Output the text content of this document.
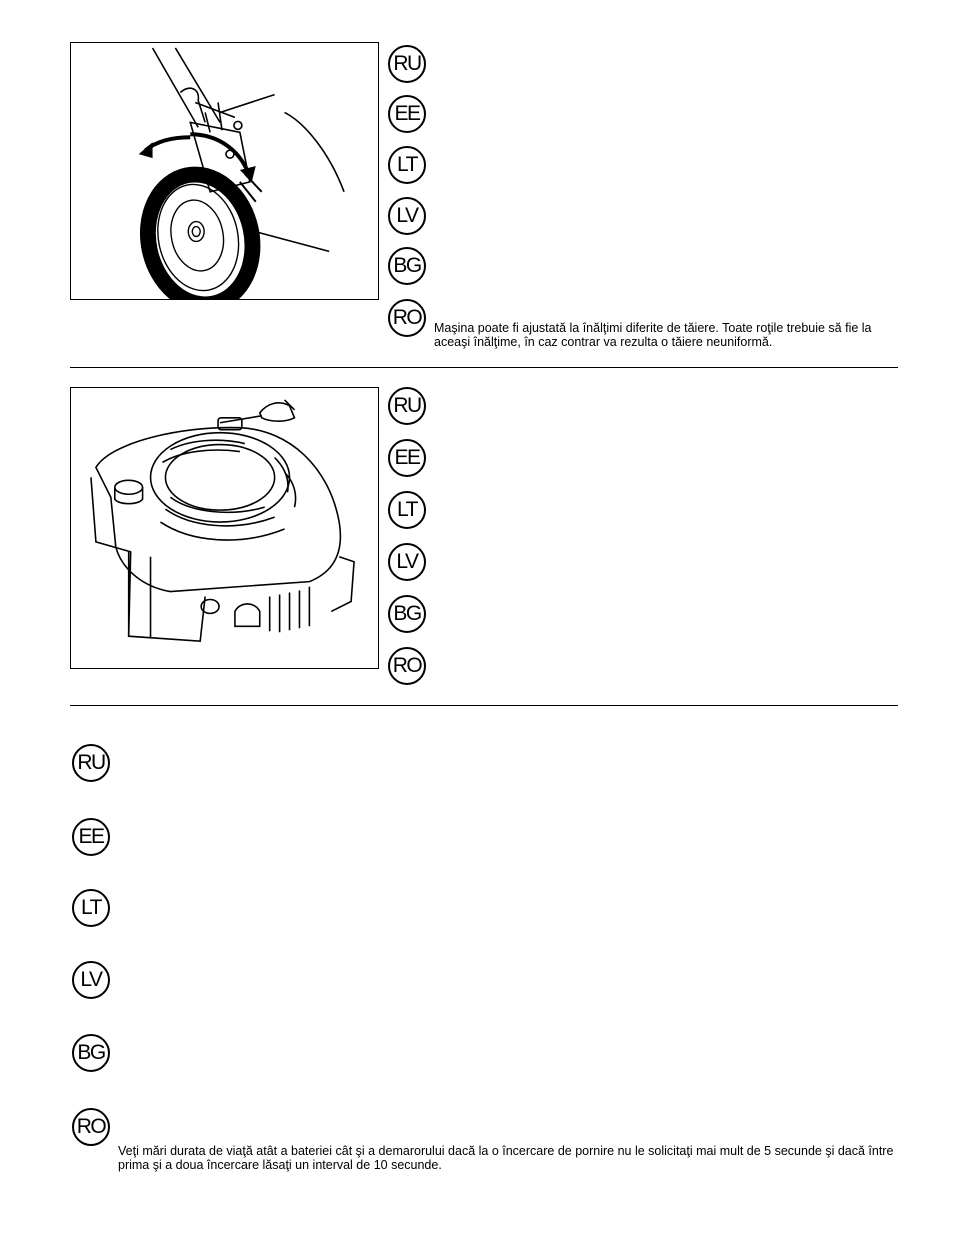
RU
EE
LT
LV
BG
RO	Maşina poate fi ajustată la înălţimi diferite de tăiere. Toate roţile trebuie să fie la aceaşi înălţime, în caz contrar va rezulta o tăiere neuniformă.
RU
EE
LT
LV
BG
RO
RU
EE
LT
LV
BG
RO
Veţi mări durata de viaţă atât a bateriei cât şi a demarorului dacă la o încercare de pornire nu le solicitaţi mai mult de 5 secunde şi dacă între prima şi a doua încercare lăsaţi un interval de 10 secunde.
